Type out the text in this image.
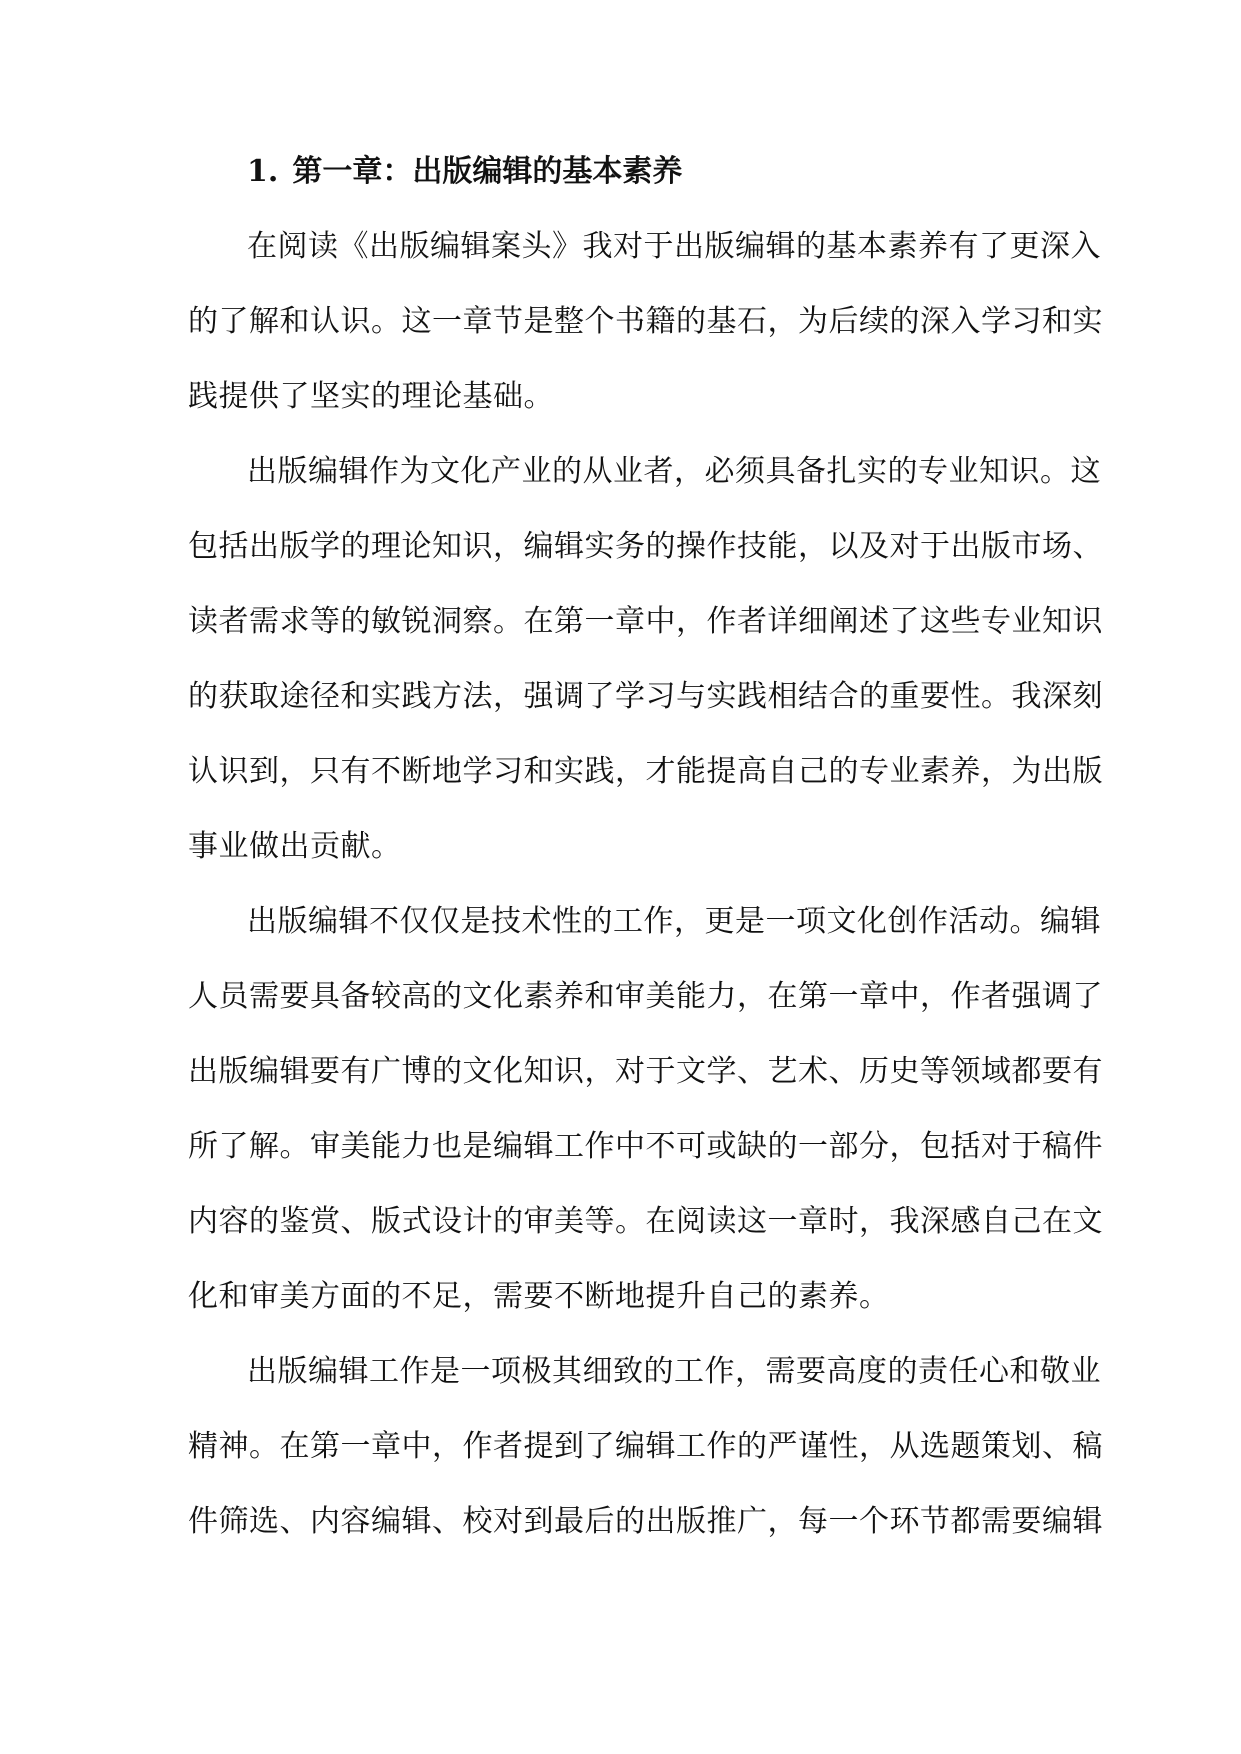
1. 第一章：出版编辑的基本素养
在阅读《出版编辑案头》我对于出版编辑的基本素养有了更深入
的了解和认识。这一章节是整个书籍的基石，为后续的深入学习和实
践提供了坚实的理论基础。
出版编辑作为文化产业的从业者，必须具备扎实的专业知识。这
包括出版学的理论知识，编辑实务的操作技能，以及对于出版市场、
读者需求等的敏锐洞察。在第一章中，作者详细阐述了这些专业知识
的获取途径和实践方法，强调了学习与实践相结合的重要性。我深刻
认识到，只有不断地学习和实践，才能提高自己的专业素养，为出版
事业做出贡献。
出版编辑不仅仅是技术性的工作，更是一项文化创作活动。编辑
人员需要具备较高的文化素养和审美能力，在第一章中，作者强调了
出版编辑要有广博的文化知识，对于文学、艺术、历史等领域都要有
所了解。审美能力也是编辑工作中不可或缺的一部分，包括对于稿件
内容的鉴赏、版式设计的审美等。在阅读这一章时，我深感自己在文
化和审美方面的不足，需要不断地提升自己的素养。
出版编辑工作是一项极其细致的工作，需要高度的责任心和敬业
精神。在第一章中，作者提到了编辑工作的严谨性，从选题策划、稿
件筛选、内容编辑、校对到最后的出版推广，每一个环节都需要编辑
